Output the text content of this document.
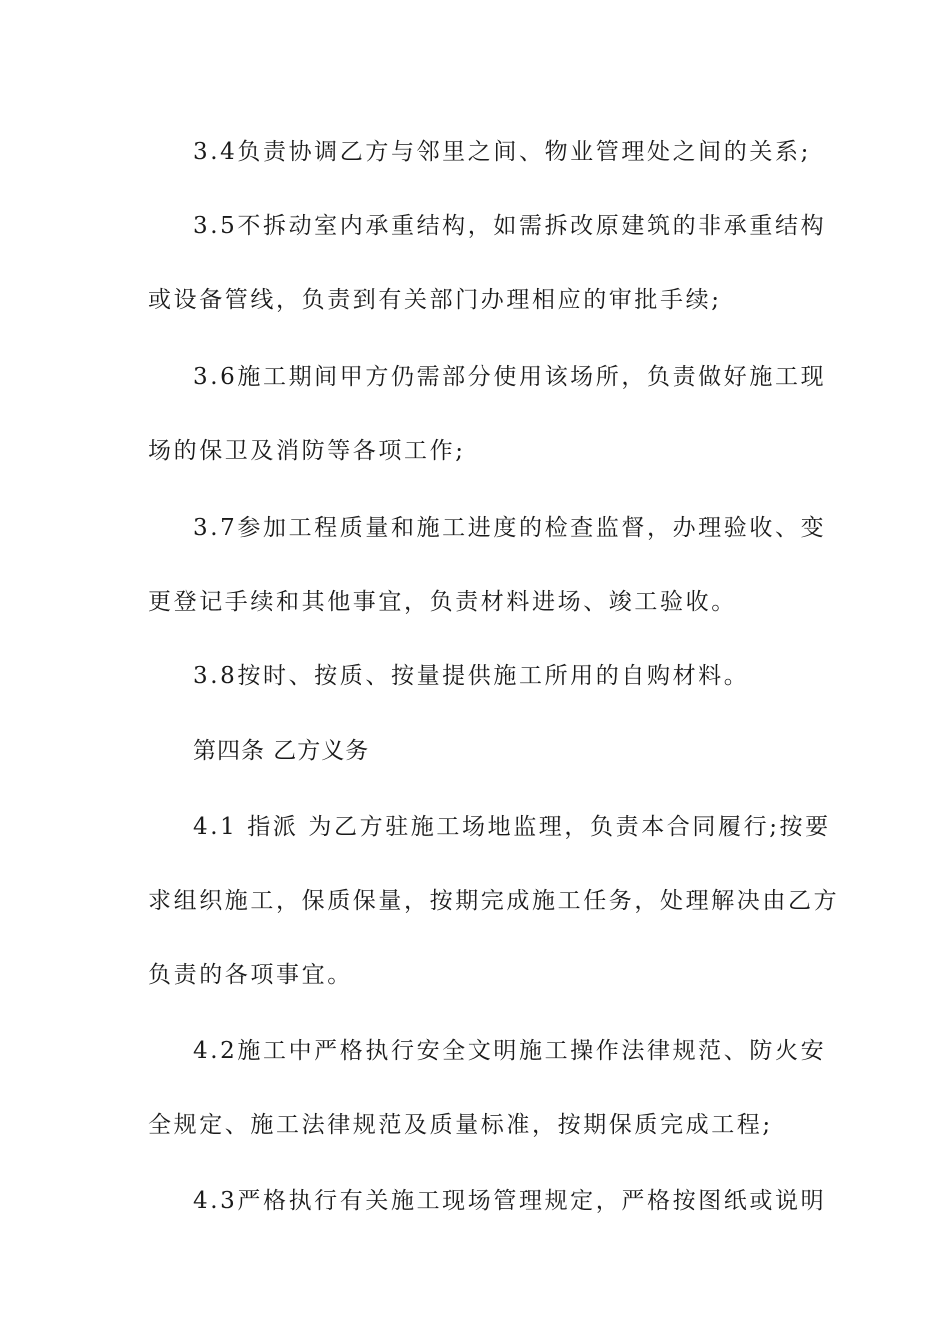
3.4负责协调乙方与邻里之间、物业管理处之间的关系;
3.5不拆动室内承重结构，如需拆改原建筑的非承重结构
或设备管线，负责到有关部门办理相应的审批手续;
3.6施工期间甲方仍需部分使用该场所，负责做好施工现
场的保卫及消防等各项工作;
3.7参加工程质量和施工进度的检查监督，办理验收、变
更登记手续和其他事宜，负责材料进场、竣工验收。
3.8按时、按质、按量提供施工所用的自购材料。
第四条 乙方义务
4.1 指派 为乙方驻施工场地监理，负责本合同履行;按要
求组织施工，保质保量，按期完成施工任务，处理解决由乙方
负责的各项事宜。
4.2施工中严格执行安全文明施工操作法律规范、防火安
全规定、施工法律规范及质量标准，按期保质完成工程;
4.3严格执行有关施工现场管理规定，严格按图纸或说明
